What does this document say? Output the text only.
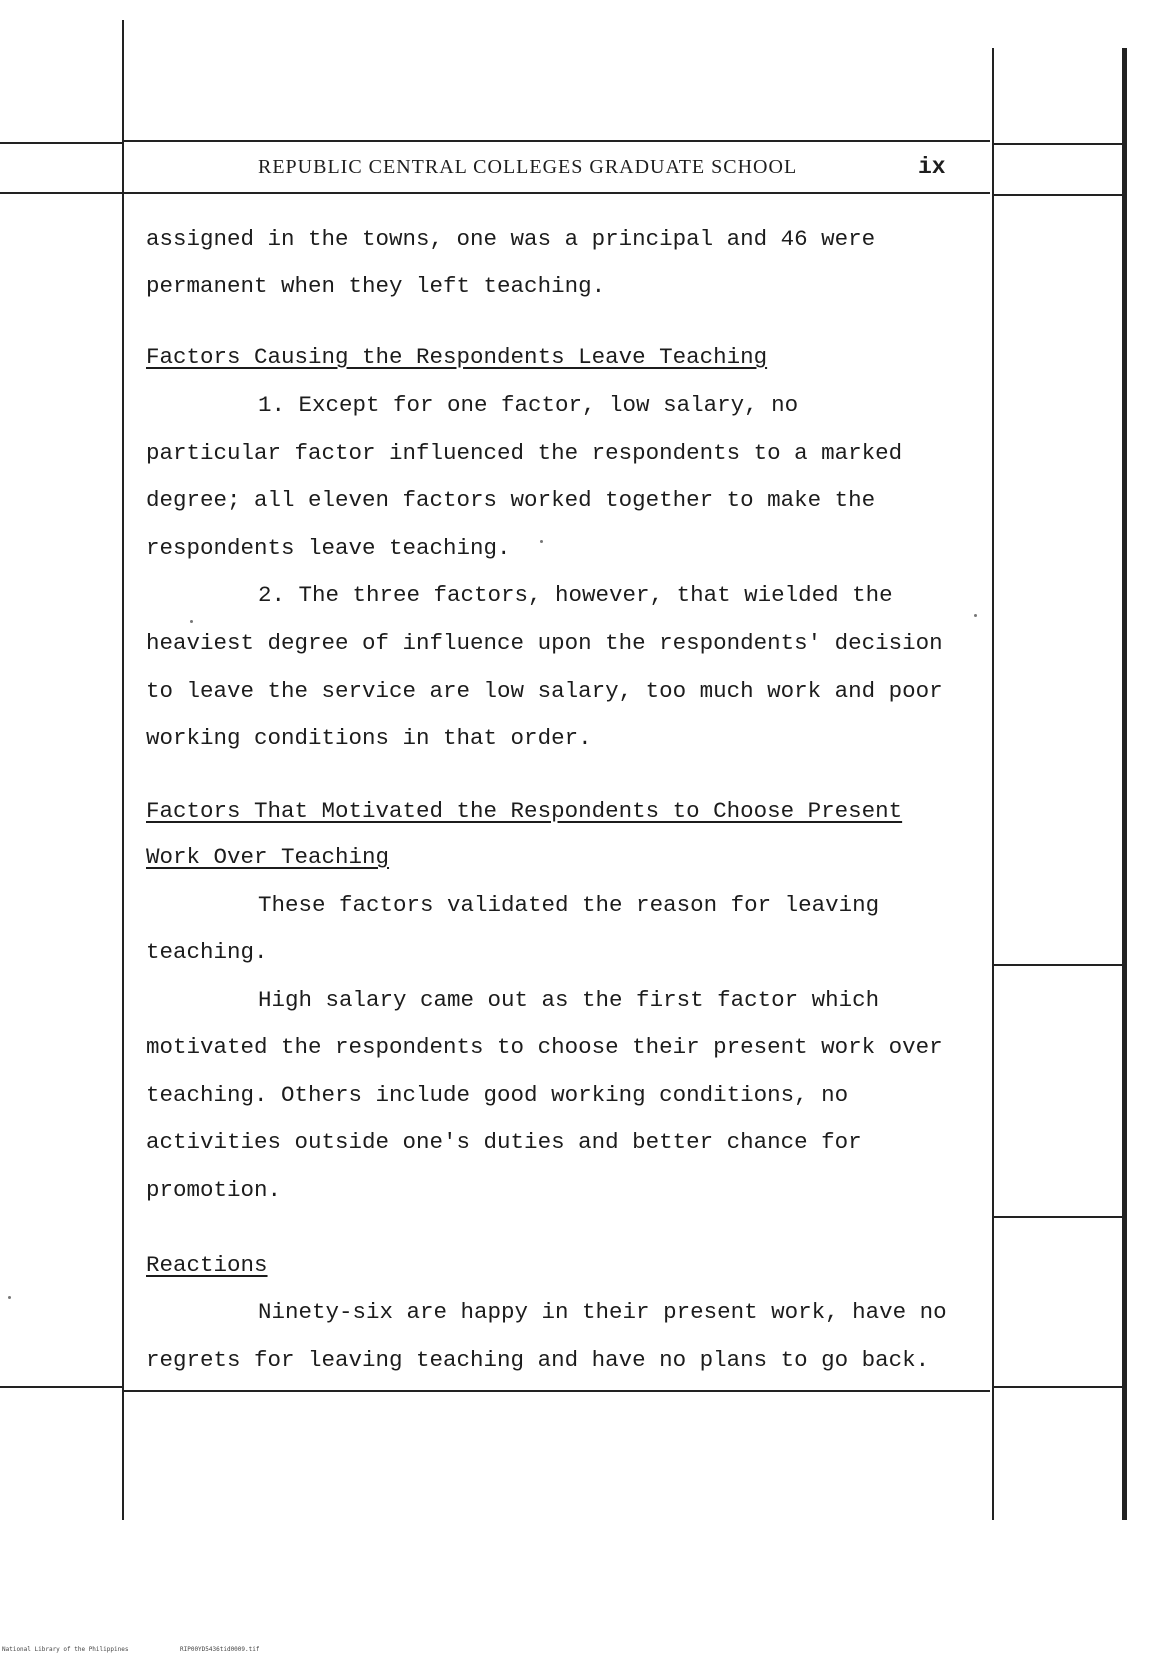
REPUBLIC CENTRAL COLLEGES GRADUATE SCHOOL	ix
assigned in the towns, one was a principal and 46 were
permanent when they left teaching.
Factors Causing the Respondents Leave Teaching
1. Except for one factor, low salary, no
particular factor influenced the respondents to a marked
degree; all eleven factors worked together to make the
respondents leave teaching.
2. The three factors, however, that wielded the
heaviest degree of influence upon the respondents' decision
to leave the service are low salary, too much work and poor
working conditions in that order.
Factors That Motivated the Respondents to Choose Present
Work Over Teaching
These factors validated the reason for leaving
teaching.
High salary came out as the first factor which
motivated the respondents to choose their present work over
teaching. Others include good working conditions, no
activities outside one's duties and better chance for
promotion.
Reactions
Ninety-six are happy in their present work, have no
regrets for leaving teaching and have no plans to go back.
National Library of the Philippines	RIP00YD5436tid0009.tif
